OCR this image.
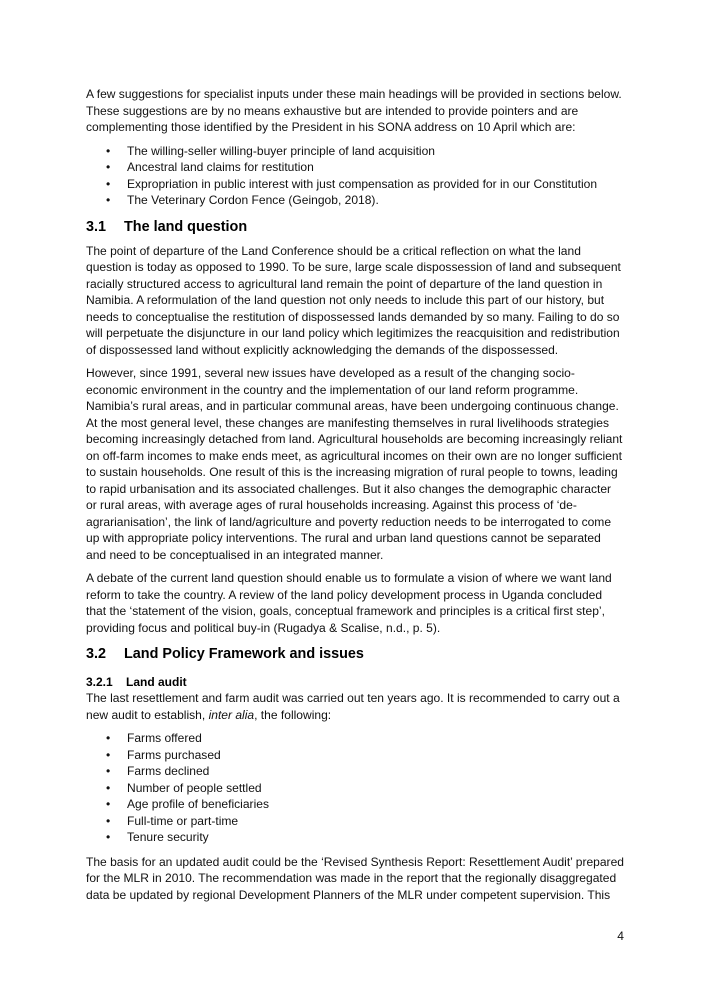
A few suggestions for specialist inputs under these main headings will be provided in sections below. These suggestions are by no means exhaustive but are intended to provide pointers and are complementing those identified by the President in his SONA address on 10 April which are:

• The willing-seller willing-buyer principle of land acquisition
• Ancestral land claims for restitution
• Expropriation in public interest with just compensation as provided for in our Constitution
• The Veterinary Cordon Fence (Geingob, 2018).
3.1 The land question

The point of departure of the Land Conference should be a critical reflection on what the land question is today as opposed to 1990. To be sure, large scale dispossession of land and subsequent racially structured access to agricultural land remain the point of departure of the land question in Namibia. A reformulation of the land question not only needs to include this part of our history, but needs to conceptualise the restitution of dispossessed lands demanded by so many. Failing to do so will perpetuate the disjuncture in our land policy which legitimizes the reacquisition and redistribution of dispossessed land without explicitly acknowledging the demands of the dispossessed.

However, since 1991, several new issues have developed as a result of the changing socio-economic environment in the country and the implementation of our land reform programme. Namibia’s rural areas, and in particular communal areas, have been undergoing continuous change. At the most general level, these changes are manifesting themselves in rural livelihoods strategies becoming increasingly detached from land. Agricultural households are becoming increasingly reliant on off-farm incomes to make ends meet, as agricultural incomes on their own are no longer sufficient to sustain households. One result of this is the increasing migration of rural people to towns, leading to rapid urbanisation and its associated challenges. But it also changes the demographic character or rural areas, with average ages of rural households increasing. Against this process of ‘de-agrarianisation’, the link of land/agriculture and poverty reduction needs to be interrogated to come up with appropriate policy interventions. The rural and urban land questions cannot be separated and need to be conceptualised in an integrated manner.

A debate of the current land question should enable us to formulate a vision of where we want land reform to take the country. A review of the land policy development process in Uganda concluded that the ‘statement of the vision, goals, conceptual framework and principles is a critical first step’, providing focus and political buy-in (Rugadya & Scalise, n.d., p. 5).

3.2 Land Policy Framework and issues
3.2.1 Land audit

The last resettlement and farm audit was carried out ten years ago. It is recommended to carry out a new audit to establish, inter alia, the following:

• Farms offered
• Farms purchased
• Farms declined
• Number of people settled
• Age profile of beneficiaries
• Full-time or part-time
• Tenure security

The basis for an updated audit could be the ‘Revised Synthesis Report: Resettlement Audit’ prepared for the MLR in 2010. The recommendation was made in the report that the regionally disaggregated data be updated by regional Development Planners of the MLR under competent supervision. This

4
